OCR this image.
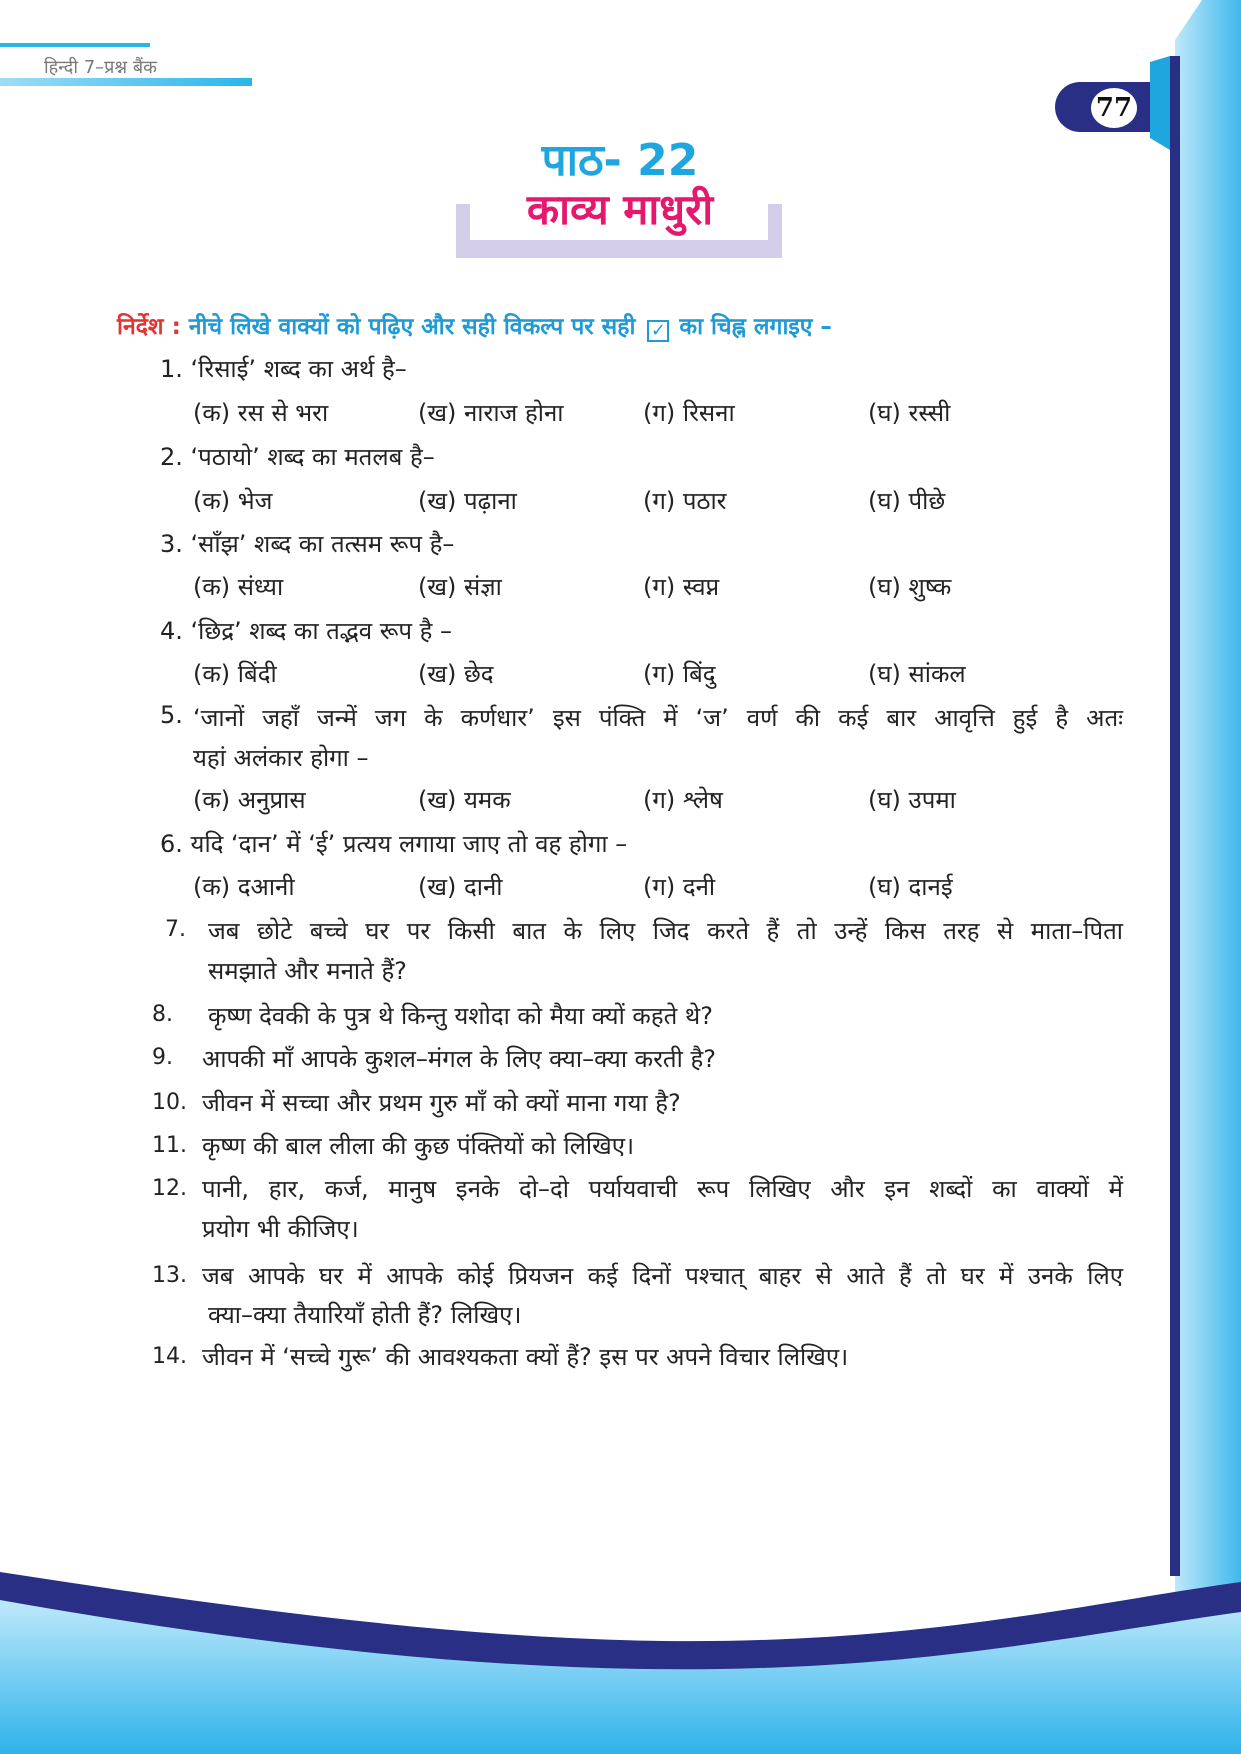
हिन्दी 7–प्रश्न बैंक
77
पाठ- 22
काव्य माधुरी
निर्देश : नीचे लिखे वाक्यों को पढ़िए और सही विकल्प पर सही ✓ का चिह्न लगाइए –
1. ‘रिसाई’ शब्द का अर्थ है–
(क) रस से भरा	(ख) नाराज होना	(ग) रिसना	(घ) रस्सी
2. ‘पठायो’ शब्द का मतलब है–
(क) भेज	(ख) पढ़ाना	(ग) पठार	(घ) पीछे
3. ‘साँझ’ शब्द का तत्सम रूप है–
(क) संध्या	(ख) संज्ञा	(ग) स्वप्न	(घ) शुष्क
4. ‘छिद्र’ शब्द का तद्भव रूप है –
(क) बिंदी	(ख) छेद	(ग) बिंदु	(घ) सांकल
5. ‘जानों जहाँ जन्में जग के कर्णधार’ इस पंक्ति में ‘ज’ वर्ण की कई बार आवृत्ति हुई है अतः
यहां अलंकार होगा –
(क) अनुप्रास	(ख) यमक	(ग) श्लेष	(घ) उपमा
6. यदि ‘दान’ में ‘ई’ प्रत्यय लगाया जाए तो वह होगा –
(क) दआनी	(ख) दानी	(ग) दनी	(घ) दानई
7. जब छोटे बच्चे घर पर किसी बात के लिए जिद करते हैं तो उन्हें किस तरह से माता–पिता
समझाते और मनाते हैं?
8. कृष्ण देवकी के पुत्र थे किन्तु यशोदा को मैया क्यों कहते थे?
9. आपकी माँ आपके कुशल–मंगल के लिए क्या–क्या करती है?
10. जीवन में सच्चा और प्रथम गुरु माँ को क्यों माना गया है?
11. कृष्ण की बाल लीला की कुछ पंक्तियों को लिखिए।
12. पानी, हार, कर्ज, मानुष इनके दो–दो पर्यायवाची रूप लिखिए और इन शब्दों का वाक्यों में
प्रयोग भी कीजिए।
13. जब आपके घर में आपके कोई प्रियजन कई दिनों पश्चात् बाहर से आते हैं तो घर में उनके लिए
क्या–क्या तैयारियाँ होती हैं? लिखिए।
14. जीवन में ‘सच्चे गुरू’ की आवश्यकता क्यों हैं? इस पर अपने विचार लिखिए।
